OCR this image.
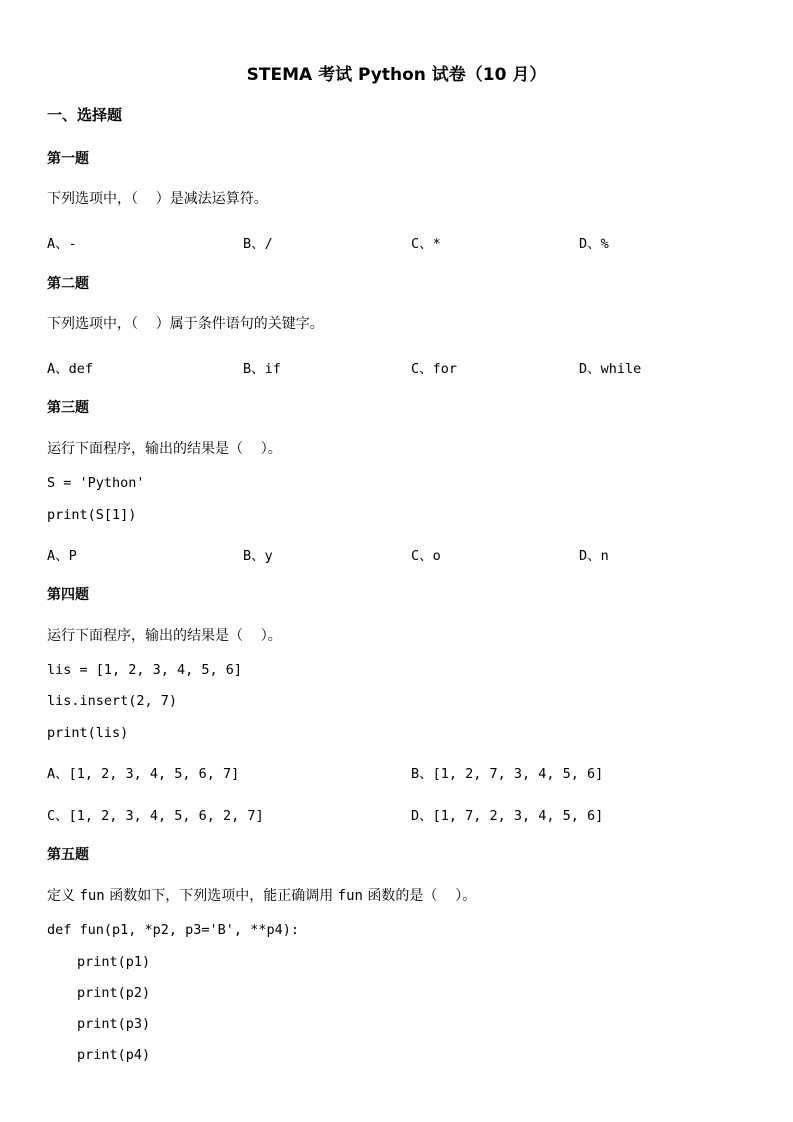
STEMA 考试 Python 试卷（10 月）
一、选择题
第一题
下列选项中，（    ）是减法运算符。
A、-	B、/	C、*	D、%
第二题
下列选项中，（    ）属于条件语句的关键字。
A、def	B、if	C、for	D、while
第三题
运行下面程序，输出的结果是（    ）。
S = 'Python'
print(S[1])
A、P	B、y	C、o	D、n
第四题
运行下面程序，输出的结果是（    ）。
lis = [1, 2, 3, 4, 5, 6]
lis.insert(2, 7)
print(lis)
A、[1, 2, 3, 4, 5, 6, 7]	B、[1, 2, 7, 3, 4, 5, 6]
C、[1, 2, 3, 4, 5, 6, 2, 7]	D、[1, 7, 2, 3, 4, 5, 6]
第五题
定义 fun 函数如下，下列选项中，能正确调用 fun 函数的是（    ）。
def fun(p1, *p2, p3='B', **p4):
print(p1)
print(p2)
print(p3)
print(p4)
